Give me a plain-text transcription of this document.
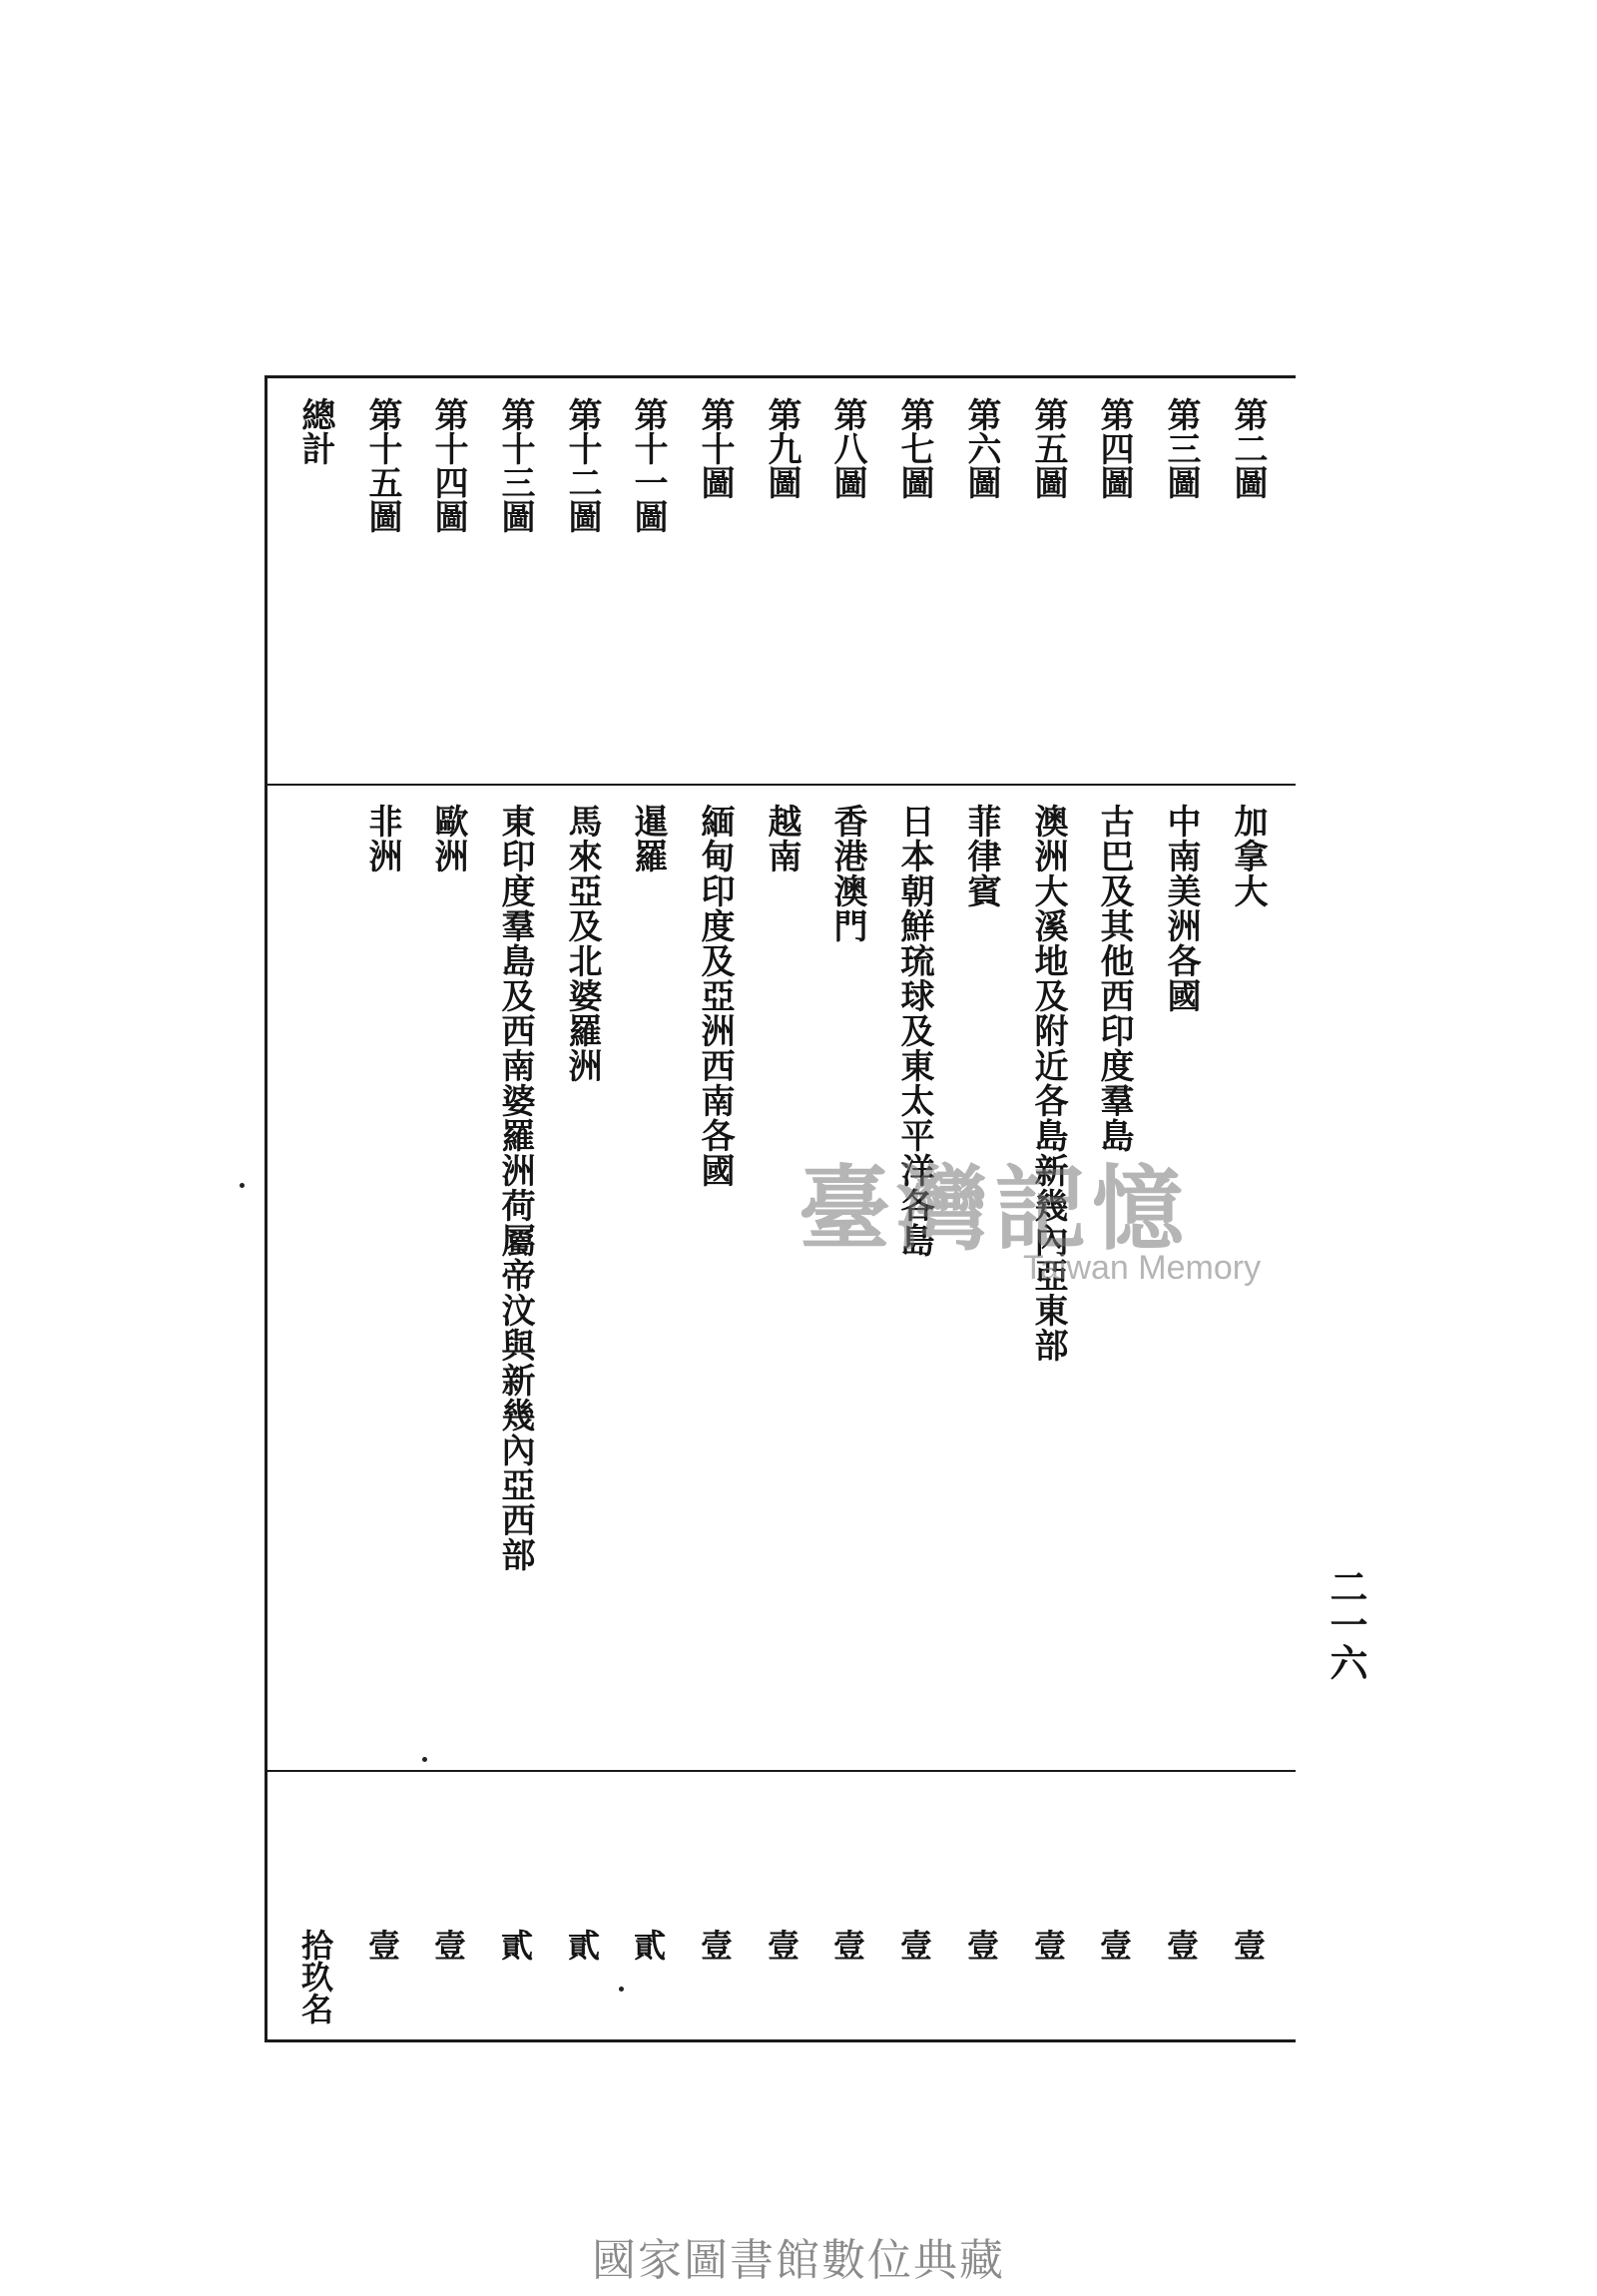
第二圖
加拿大
壹
第三圖
中南美洲各國
壹
第四圖
古巴及其他西印度羣島
壹
第五圖
澳洲大溪地及附近各島新幾內亞東部
壹
第六圖
菲律賓
壹
第七圖
日本朝鮮琉球及東太平洋各島
壹
第八圖
香港澳門
壹
第九圖
越南
壹
第十圖
緬甸印度及亞洲西南各國
壹
第十一圖
暹羅
貳
第十二圖
馬來亞及北婆羅洲
貳
第十三圖
東印度羣島及西南婆羅洲荷屬帝汶與新幾內亞西部
貳
第十四圖
歐洲
壹
第十五圖
非洲
壹
總計
拾玖名
二一六
臺灣記憶
Taiwan Memory
國家圖書館數位典藏
